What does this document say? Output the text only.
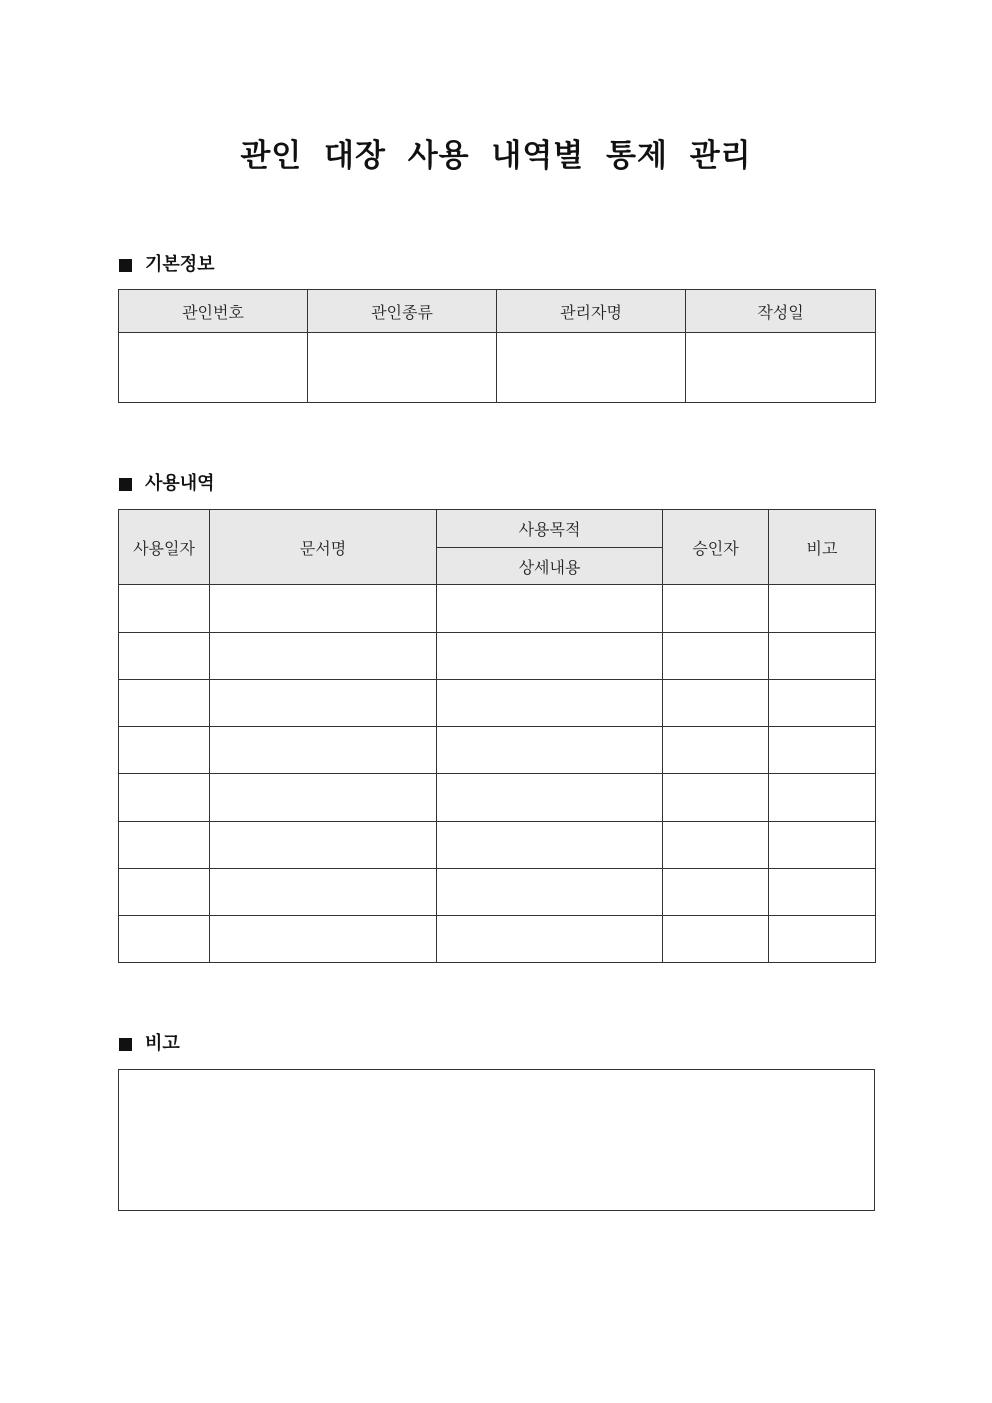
관인 대장 사용 내역별 통제 관리
기본정보
관인번호	관인종류	관리자명	작성일

사용내역
사용일자	문서명	사용목적	승인자	비고
		상세내용		

비고
